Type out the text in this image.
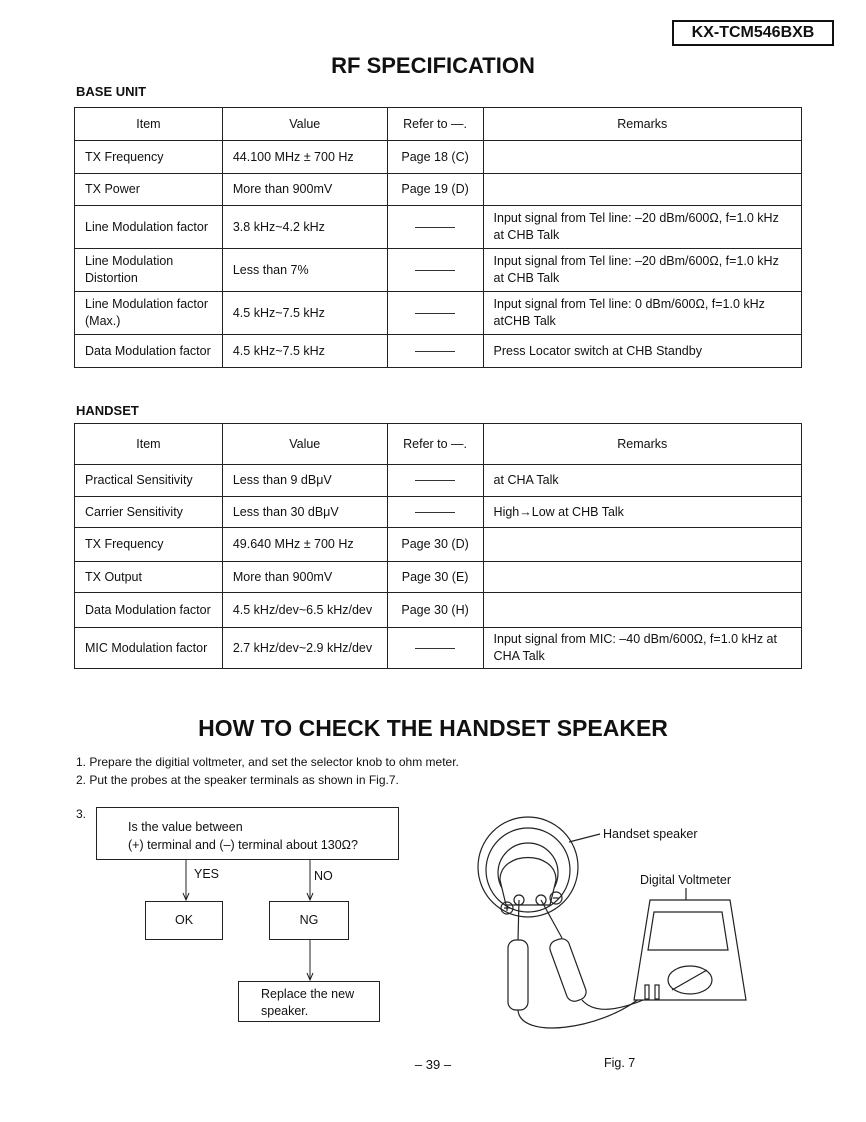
KX-TCM546BXB
RF SPECIFICATION
BASE UNIT
Item	Value	Refer to —.	Remarks
TX Frequency	44.100 MHz ± 700 Hz	Page 18 (C)	
TX Power	More than 900mV	Page 19 (D)	
Line Modulation factor	3.8 kHz~4.2 kHz		Input signal from Tel line: –20 dBm/600Ω, f=1.0 kHz at CHB Talk
Line Modulation Distortion	Less than 7%		Input signal from Tel line: –20 dBm/600Ω, f=1.0 kHz at CHB Talk
Line Modulation factor (Max.)	4.5 kHz~7.5 kHz		Input signal from Tel line: 0 dBm/600Ω, f=1.0 kHz atCHB Talk
Data Modulation factor	4.5 kHz~7.5 kHz		Press Locator switch at CHB Standby
HANDSET
Item	Value	Refer to —.	Remarks
Practical Sensitivity	Less than 9 dBμV		at CHA Talk
Carrier Sensitivity	Less than 30 dBμV		High→Low at CHB Talk
TX Frequency	49.640 MHz ± 700 Hz	Page 30 (D)	
TX Output	More than 900mV	Page 30 (E)	
Data Modulation factor	4.5 kHz/dev~6.5 kHz/dev	Page 30 (H)	
MIC Modulation factor	2.7 kHz/dev~2.9 kHz/dev		Input signal from MIC: –40 dBm/600Ω, f=1.0 kHz at CHA Talk
HOW TO CHECK THE HANDSET SPEAKER
1. Prepare the digitial voltmeter, and set the selector knob to ohm meter.
2. Put the probes at the speaker terminals as shown in Fig.7.
3.
Is the value between
(+) terminal and (–) terminal about 130Ω?
YES	NO
OK	NG
Replace the new
speaker.
Handset speaker
Digital Voltmeter
Fig. 7
– 39 –
